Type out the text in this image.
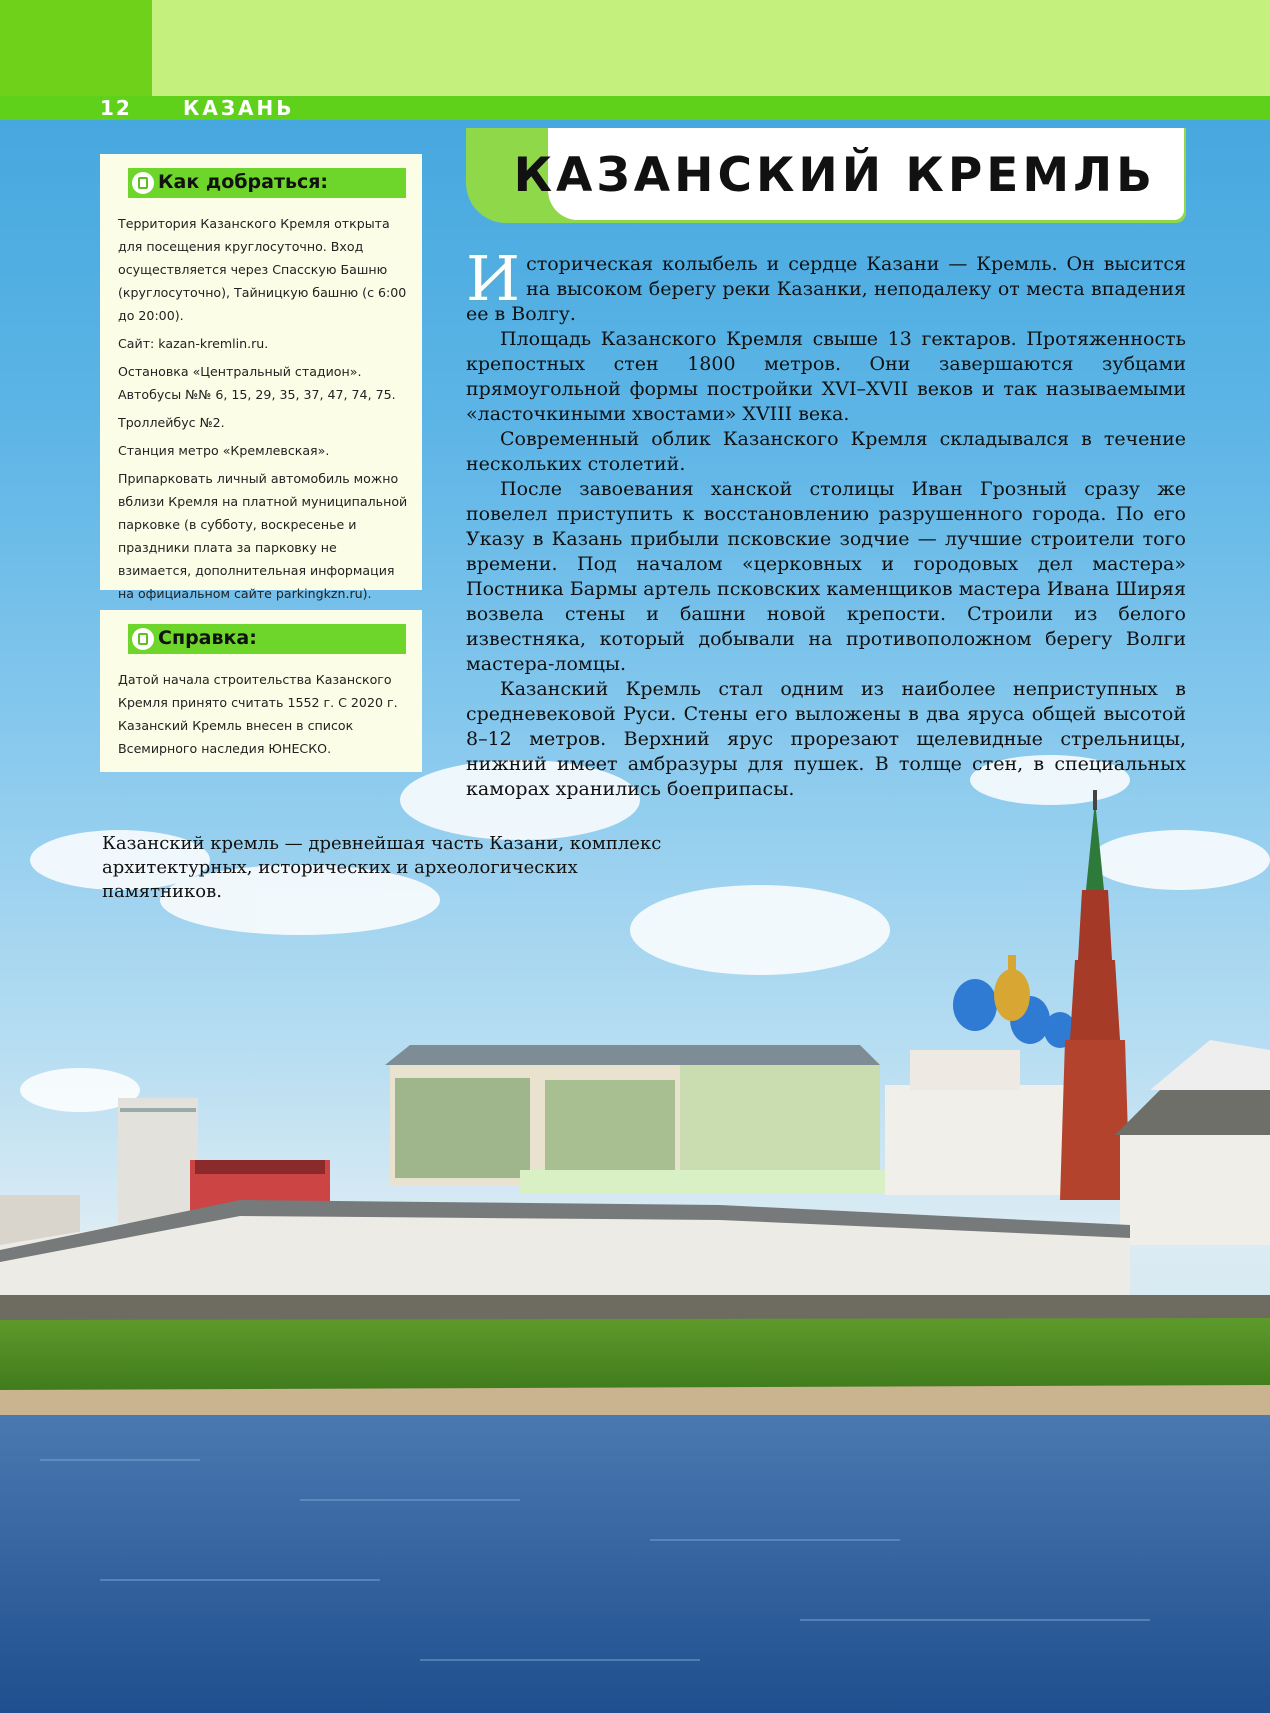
12	КАЗАНЬ
КАЗАНСКИЙ КРЕМЛЬ
Как добраться:

Территория Казанского Кремля открыта для посещения круглосуточно. Вход осуществляется через Спасскую Башню (круглосуточно), Тайницкую башню (с 6:00 до 20:00).

Сайт: kazan-kremlin.ru.

Остановка «Центральный стадион». Автобусы №№ 6, 15, 29, 35, 37, 47, 74, 75.

Троллейбус №2.

Станция метро «Кремлевская».

Припарковать личный автомобиль можно вблизи Кремля на платной муниципальной парковке (в субботу, воскресенье и праздники плата за парковку не взимается, дополнительная информация на официальном сайте parkingkzn.ru).

Справка:

Датой начала строительства Казанского Кремля принято считать 1552 г. С 2020 г. Казанский Кремль внесен в список Всемирного наследия ЮНЕСКО.

Историческая колыбель и сердце Казани — Кремль. Он высится на высоком берегу реки Казанки, неподалеку от места впадения ее в Волгу.

Площадь Казанского Кремля свыше 13 гектаров. Протяженность крепостных стен 1800 метров. Они завершаются зубцами прямоугольной формы постройки XVI–XVII веков и так называемыми «ласточкиными хвостами» XVIII века.

Современный облик Казанского Кремля складывался в течение нескольких столетий.

После завоевания ханской столицы Иван Грозный сразу же повелел приступить к восстановлению разрушенного города. По его Указу в Казань прибыли псковские зодчие — лучшие строители того времени. Под началом «церковных и городовых дел мастера» Постника Бармы артель псковских каменщиков мастера Ивана Ширяя возвела стены и башни новой крепости. Строили из белого известняка, который добывали на противоположном берегу Волги мастера-ломцы.

Казанский Кремль стал одним из наиболее неприступных в средневековой Руси. Стены его выложены в два яруса общей высотой 8–12 метров. Верхний ярус прорезают щелевидные стрельницы, нижний имеет амбразуры для пушек. В толще стен, в специальных каморах хранились боеприпасы.

Казанский кремль — древнейшая часть Казани, комплекс архитектурных, исторических и археологических памятников.
